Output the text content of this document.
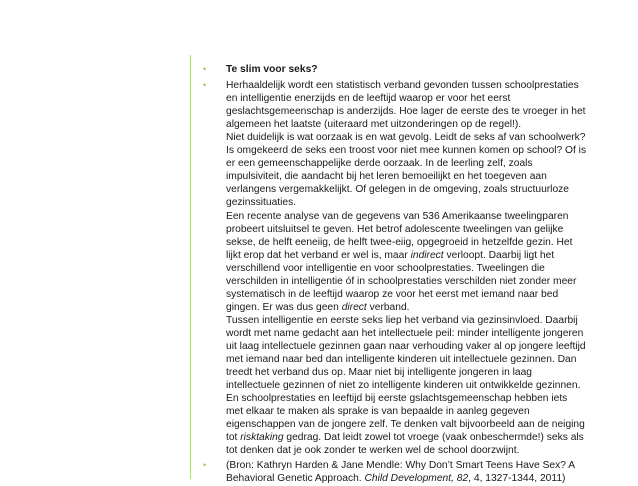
• Te slim voor seks?
• Herhaaldelijk wordt een statistisch verband gevonden tussen schoolprestaties
en intelligentie enerzijds en de leeftijd waarop er voor het eerst
geslachtsgemeenschap is anderzijds. Hoe lager de eerste des te vroeger in het
algemeen het laatste (uiteraard met uitzonderingen op de regel!).
Niet duidelijk is wat oorzaak is en wat gevolg. Leidt de seks af van schoolwerk?
Is omgekeerd de seks een troost voor niet mee kunnen komen op school? Of is
er een gemeenschappelijke derde oorzaak. In de leerling zelf, zoals
impulsiviteit, die aandacht bij het leren bemoeilijkt en het toegeven aan
verlangens vergemakkelijkt. Of gelegen in de omgeving, zoals structuurloze
gezinssituaties.
Een recente analyse van de gegevens van 536 Amerikaanse tweelingparen
probeert uitsluitsel te geven. Het betrof adolescente tweelingen van gelijke
sekse, de helft eeneiig, de helft twee-eiig, opgegroeid in hetzelfde gezin. Het
lijkt erop dat het verband er wel is, maar indirect verloopt. Daarbij ligt het
verschillend voor intelligentie en voor schoolprestaties. Tweelingen die
verschilden in intelligentie óf in schoolprestaties verschilden niet zonder meer
systematisch in de leeftijd waarop ze voor het eerst met iemand naar bed
gingen. Er was dus geen direct verband.
Tussen intelligentie en eerste seks liep het verband via gezinsinvloed. Daarbij
wordt met name gedacht aan het intellectuele peil: minder intelligente jongeren
uit laag intellectuele gezinnen gaan naar verhouding vaker al op jongere leeftijd
met iemand naar bed dan intelligente kinderen uit intellectuele gezinnen. Dan
treedt het verband dus op. Maar niet bij intelligente jongeren in laag
intellectuele gezinnen of niet zo intelligente kinderen uit ontwikkelde gezinnen.
En schoolprestaties en leeftijd bij eerste gslachtsgemeenschap hebben iets
met elkaar te maken als sprake is van bepaalde in aanleg gegeven
eigenschappen van de jongere zelf. Te denken valt bijvoorbeeld aan de neiging
tot risktaking gedrag. Dat leidt zowel tot vroege (vaak onbeschermde!) seks als
tot denken dat je ook zonder te werken wel de school doorzwijnt.

• (Bron: Kathryn Harden & Jane Mendle: Why Don’t Smart Teens Have Sex? A
Behavioral Genetic Approach. Child Development, 82, 4, 1327-1344, 2011)
